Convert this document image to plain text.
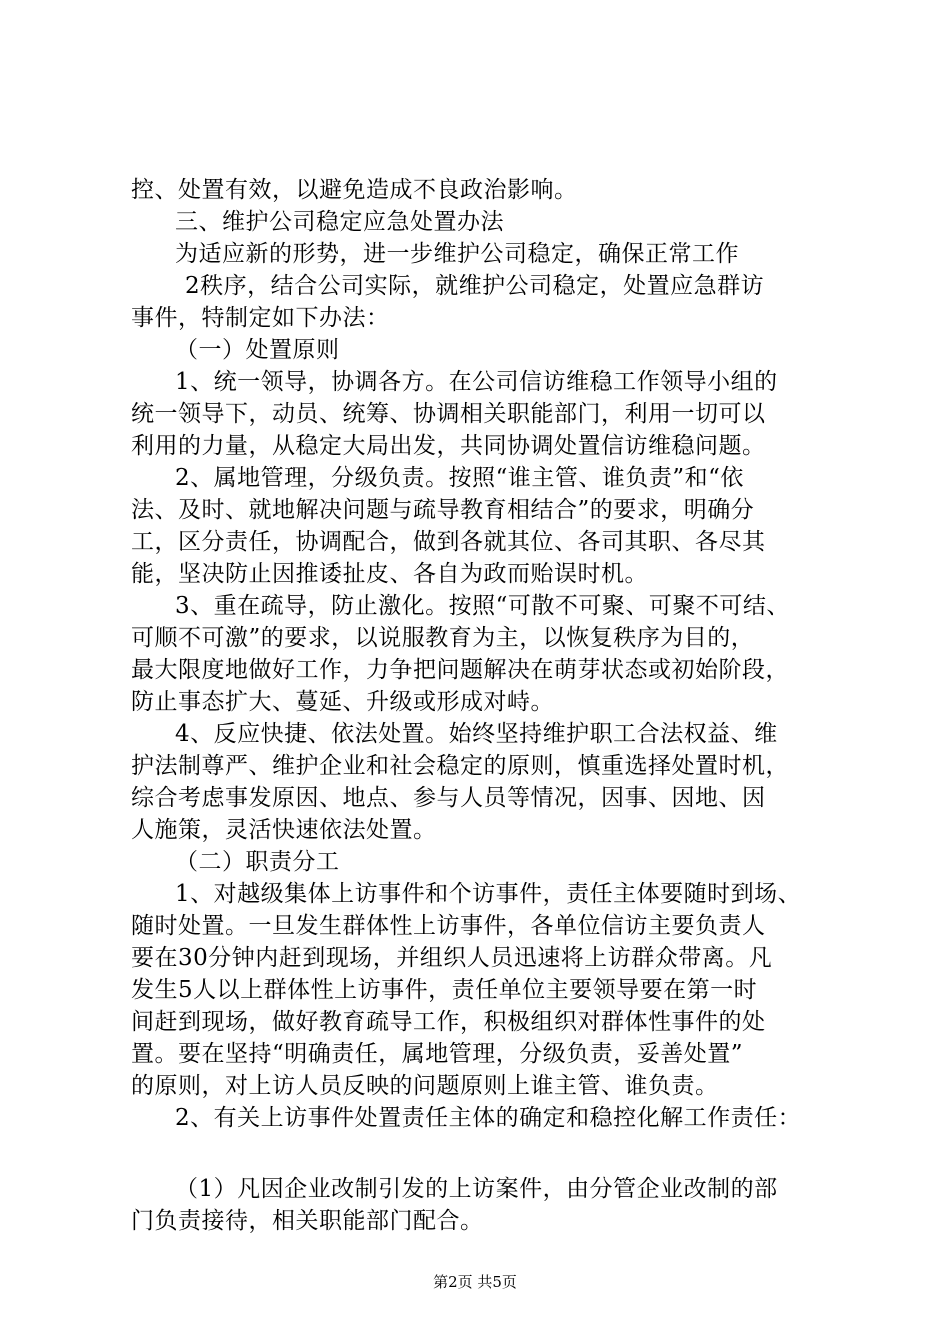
控、处置有效，以避免造成不良政治影响。
三、维护公司稳定应急处置办法
为适应新的形势，进一步维护公司稳定，确保正常工作
2秩序，结合公司实际，就维护公司稳定，处置应急群访
事件，特制定如下办法：
（一）处置原则
1、统一领导，协调各方。在公司信访维稳工作领导小组的
统一领导下，动员、统筹、协调相关职能部门，利用一切可以
利用的力量，从稳定大局出发，共同协调处置信访维稳问题。
2、属地管理，分级负责。按照“谁主管、谁负责”和“依
法、及时、就地解决问题与疏导教育相结合”的要求，明确分
工，区分责任，协调配合，做到各就其位、各司其职、各尽其
能，坚决防止因推诿扯皮、各自为政而贻误时机。
3、重在疏导，防止激化。按照“可散不可聚、可聚不可结、
可顺不可激”的要求，以说服教育为主，以恢复秩序为目的，
最大限度地做好工作，力争把问题解决在萌芽状态或初始阶段，
防止事态扩大、蔓延、升级或形成对峙。
4、反应快捷、依法处置。始终坚持维护职工合法权益、维
护法制尊严、维护企业和社会稳定的原则，慎重选择处置时机，
综合考虑事发原因、地点、参与人员等情况，因事、因地、因
人施策，灵活快速依法处置。
（二）职责分工
1、对越级集体上访事件和个访事件，责任主体要随时到场、
随时处置。一旦发生群体性上访事件，各单位信访主要负责人
要在30分钟内赶到现场，并组织人员迅速将上访群众带离。凡
发生5人以上群体性上访事件，责任单位主要领导要在第一时
间赶到现场，做好教育疏导工作，积极组织对群体性事件的处
置。要在坚持“明确责任，属地管理，分级负责，妥善处置”
的原则，对上访人员反映的问题原则上谁主管、谁负责。
2、有关上访事件处置责任主体的确定和稳控化解工作责任：
（1）凡因企业改制引发的上访案件，由分管企业改制的部
门负责接待，相关职能部门配合。
第2页 共5页
